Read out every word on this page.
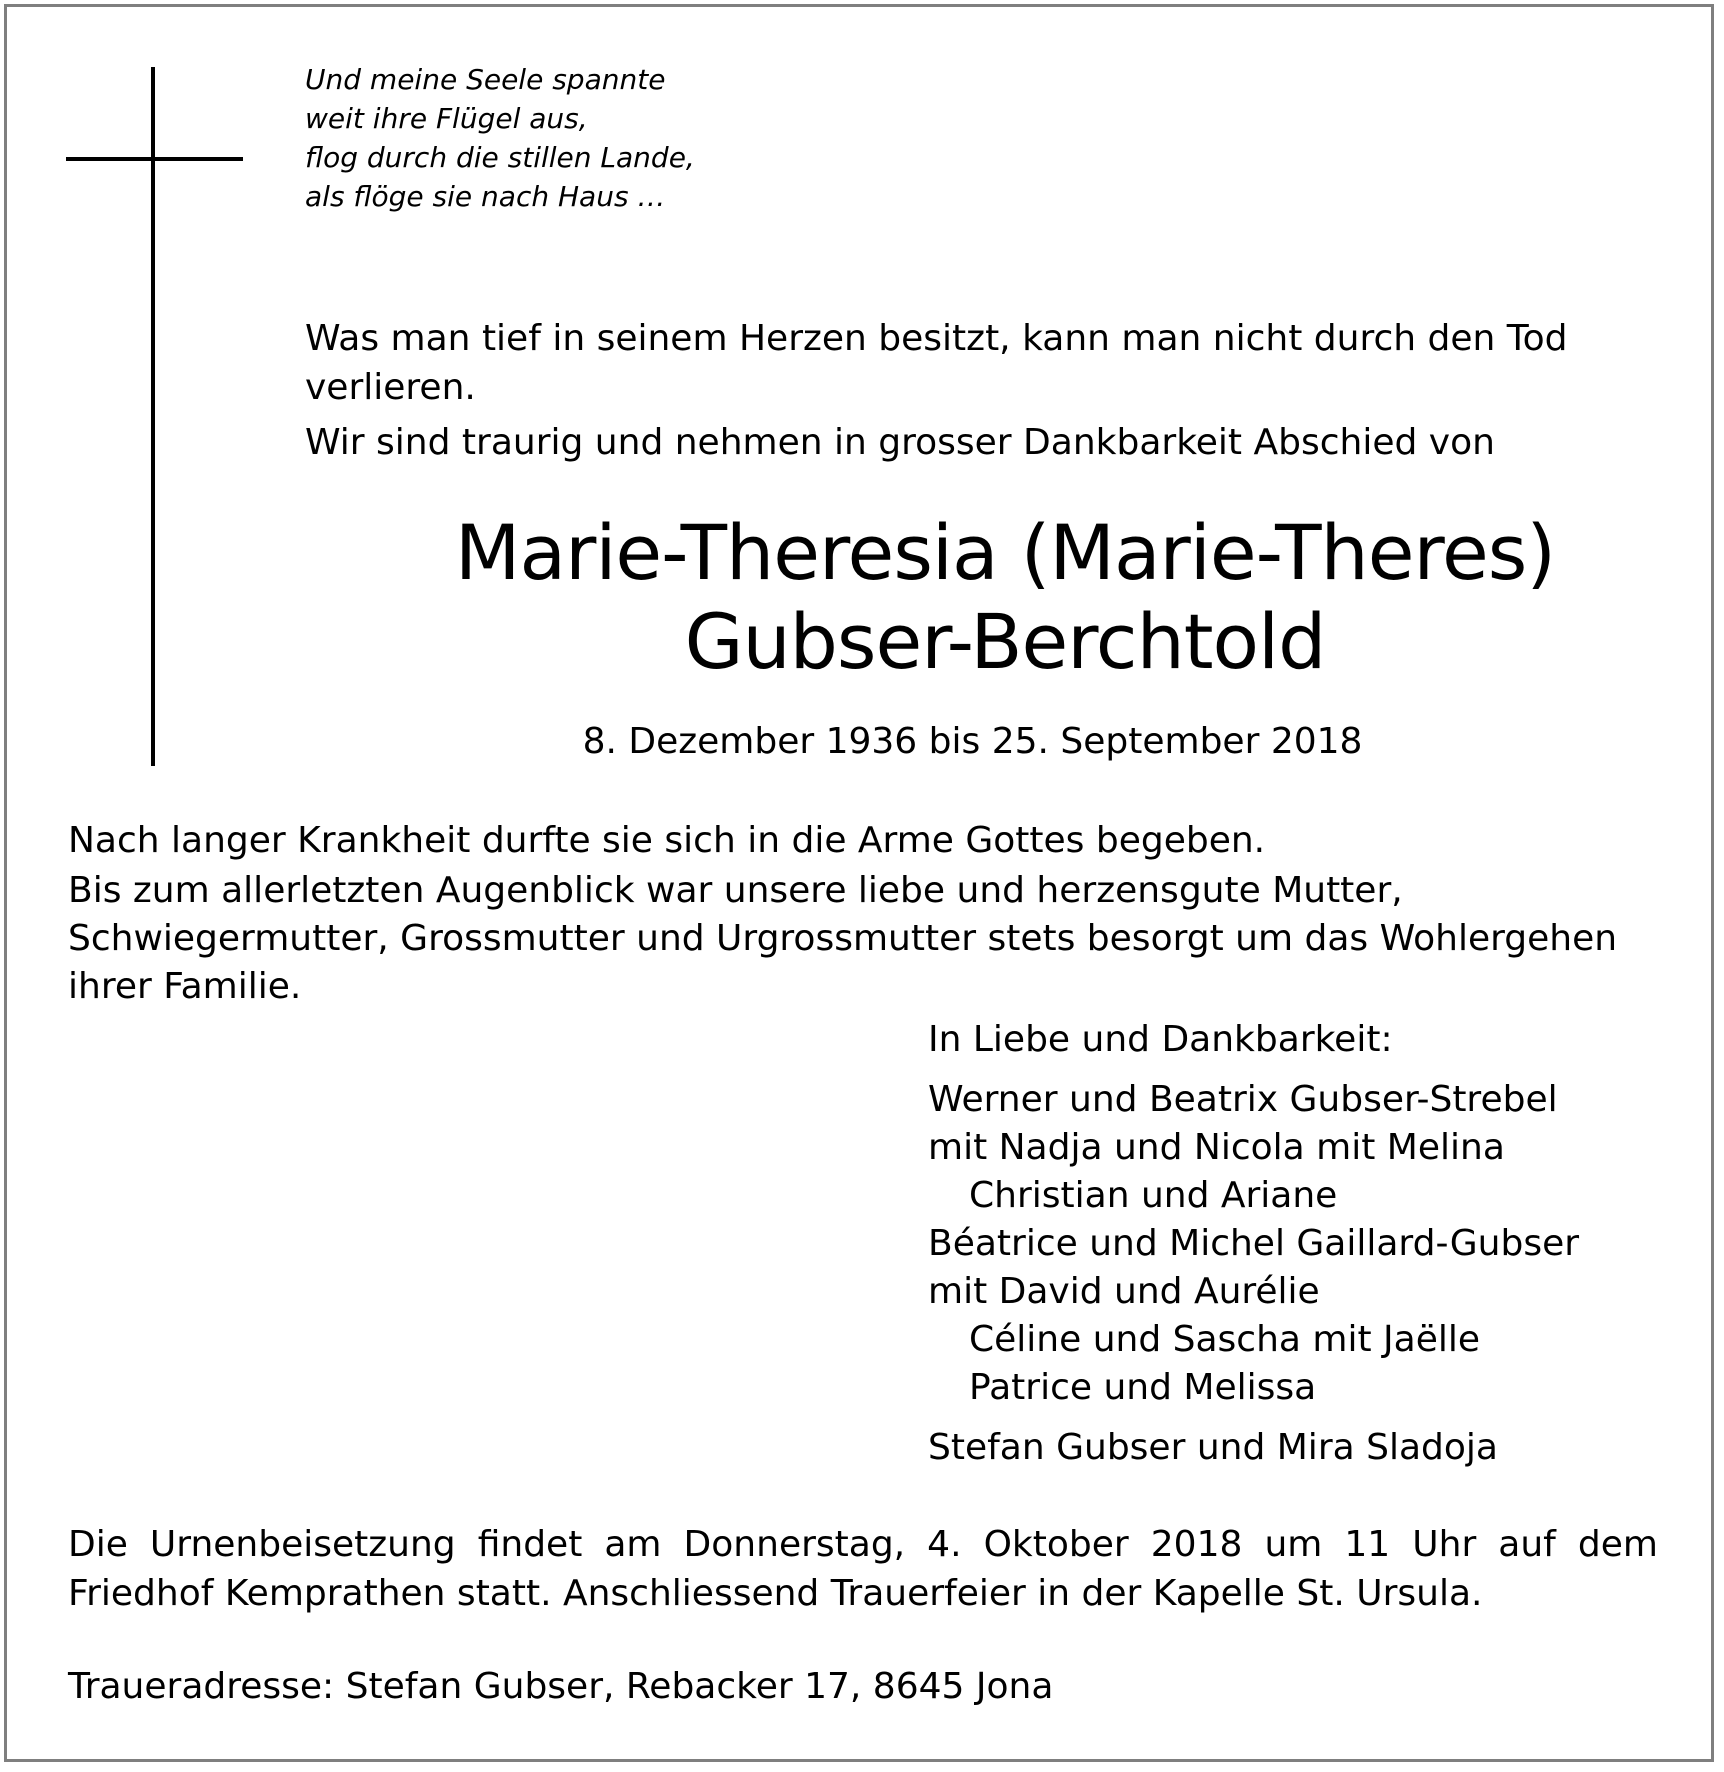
Und meine Seele spannte
weit ihre Flügel aus,
flog durch die stillen Lande,
als flöge sie nach Haus …

Was man tief in seinem Herzen besitzt, kann man nicht durch den Tod verlieren.

Wir sind traurig und nehmen in grosser Dankbarkeit Abschied von

Marie-Theresia (Marie-Theres)
Gubser-Berchtold
8. Dezember 1936 bis 25. September 2018

Nach langer Krankheit durfte sie sich in die Arme Gottes begeben.

Bis zum allerletzten Augenblick war unsere liebe und herzensgute Mutter, Schwiegermutter, Grossmutter und Urgrossmutter stets besorgt um das Wohlergehen ihrer Familie.

In Liebe und Dankbarkeit:
Werner und Beatrix Gubser-Strebel
mit Nadja und Nicola mit Melina
Christian und Ariane
Béatrice und Michel Gaillard-Gubser
mit David und Aurélie
Céline und Sascha mit Jaëlle
Patrice und Melissa
Stefan Gubser und Mira Sladoja
Die Urnenbeisetzung findet am Donnerstag, 4. Oktober 2018 um 11 Uhr auf dem Friedhof Kemprathen statt. Anschliessend Trauerfeier in der Kapelle St. Ursula.
Traueradresse: Stefan Gubser, Rebacker 17, 8645 Jona
